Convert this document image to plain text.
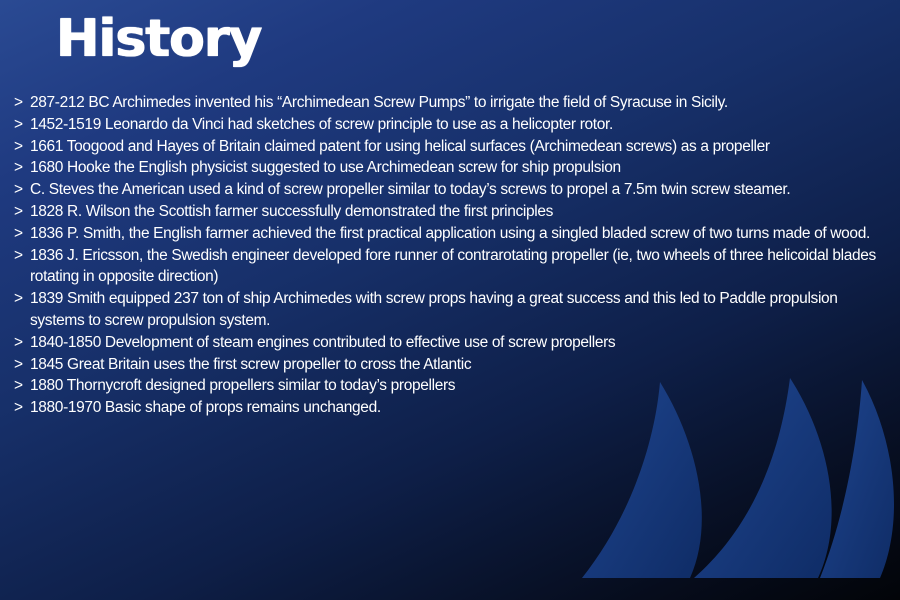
History
> 287-212 BC Archimedes invented his “Archimedean Screw Pumps” to irrigate the field of Syracuse in Sicily.
> 1452-1519 Leonardo da Vinci had sketches of screw principle to use as a helicopter rotor.
> 1661 Toogood and Hayes of Britain claimed patent for using helical surfaces (Archimedean screws) as a propeller
> 1680 Hooke the English physicist suggested to use Archimedean screw for ship propulsion
> C. Steves the American used a kind of screw propeller similar to today’s screws to propel a 7.5m twin screw steamer.
> 1828 R. Wilson the Scottish farmer successfully demonstrated the first principles
> 1836 P. Smith, the English farmer achieved the first practical application using a singled bladed screw of two turns made of wood.
> 1836 J. Ericsson, the Swedish engineer developed fore runner of contrarotating propeller (ie, two wheels of three helicoidal blades rotating in opposite direction)
> 1839 Smith equipped 237 ton of ship Archimedes with screw props having a great success and this led to Paddle propulsion systems to screw propulsion system.
> 1840-1850 Development of steam engines contributed to effective use of screw propellers
> 1845 Great Britain uses the first screw propeller to cross the Atlantic
> 1880 Thornycroft designed propellers similar to today’s propellers
> 1880-1970 Basic shape of props remains unchanged.
